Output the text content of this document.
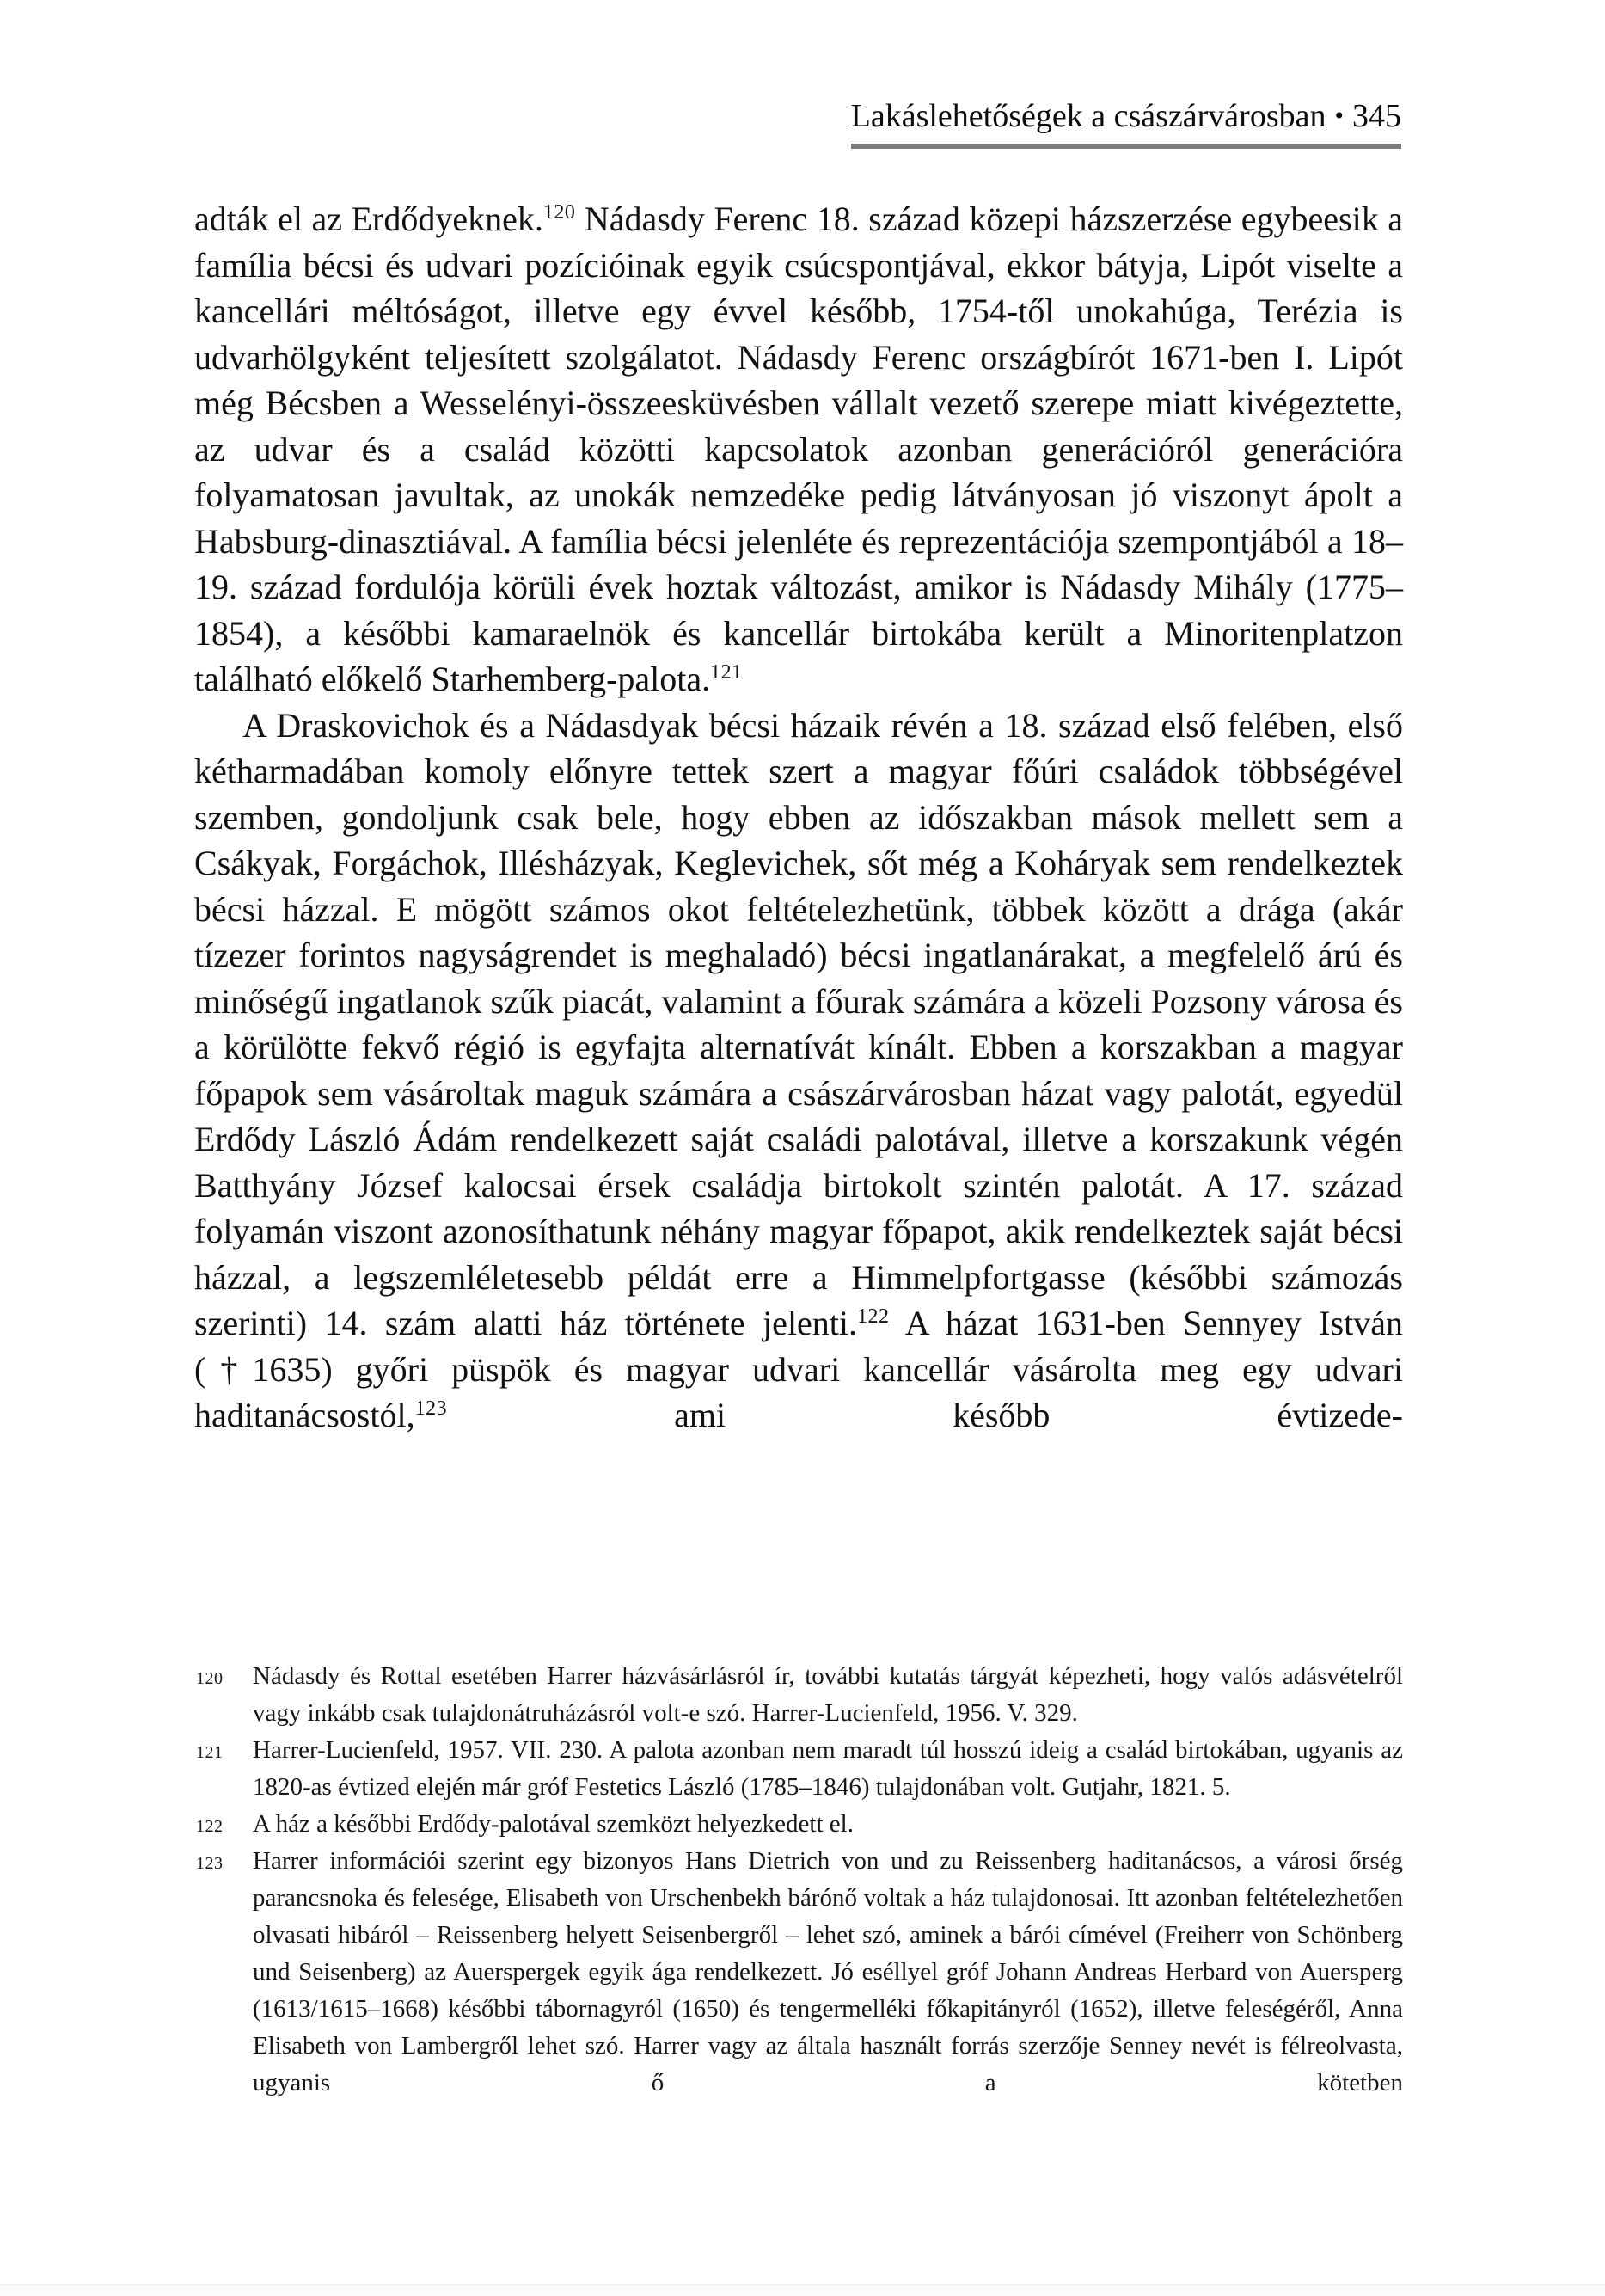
Lakáslehetőségek a császárvárosban • 345

adták el az Erdődyeknek.$^{120}$ Nádasdy Ferenc 18. század közepi házszerzése egybeesik a família bécsi és udvari pozícióinak egyik csúcspontjával, ekkor bátyja, Lipót viselte a kancellári méltóságot, illetve egy évvel később, 1754-től unokahúga, Terézia is udvarhölgyként teljesített szolgálatot. Nádasdy Ferenc országbírót 1671-ben I. Lipót még Bécsben a Wesselényi-összeesküvésben vállalt vezető szerepe miatt kivégeztette, az udvar és a család közötti kapcsolatok azonban generációról generációra folyamatosan javultak, az unokák nemzedéke pedig látványosan jó viszonyt ápolt a Habsburg-dinasztiával. A família bécsi jelenléte és reprezentációja szempontjából a 18–19. század fordulója körüli évek hoztak változást, amikor is Nádasdy Mihály (1775–1854), a későbbi kamaraelnök és kancellár birtokába került a Minoritenplatzon található előkelő Starhemberg-palota.$^{121}$

A Draskovichok és a Nádasdyak bécsi házaik révén a 18. század első felében, első kétharmadában komoly előnyre tettek szert a magyar főúri családok többségével szemben, gondoljunk csak bele, hogy ebben az időszakban mások mellett sem a Csákyak, Forgáchok, Illésházyak, Keglevichek, sőt még a Koháryak sem rendelkeztek bécsi házzal. E mögött számos okot feltételezhetünk, többek között a drága (akár tízezer forintos nagyságrendet is meghaladó) bécsi ingatlanárakat, a megfelelő árú és minőségű ingatlanok szűk piacát, valamint a főurak számára a közeli Pozsony városa és a körülötte fekvő régió is egyfajta alternatívát kínált. Ebben a korszakban a magyar főpapok sem vásároltak maguk számára a császárvárosban házat vagy palotát, egyedül Erdődy László Ádám rendelkezett saját családi palotával, illetve a korszakunk végén Batthyány József kalocsai érsek családja birtokolt szintén palotát. A 17. század folyamán viszont azonosíthatunk néhány magyar főpapot, akik rendelkeztek saját bécsi házzal, a legszemléletesebb példát erre a Himmelpfortgasse (későbbi számozás szerinti) 14. szám alatti ház története jelenti.$^{122}$ A házat 1631-ben Sennyey István (†1635) győri püspök és magyar udvari kancellár vásárolta meg egy udvari haditanácsostól,$^{123}$ ami később évtizede-

120 Nádasdy és Rottal esetében Harrer házvásárlásról ír, további kutatás tárgyát képezheti, hogy valós adásvételről vagy inkább csak tulajdonátruházásról volt-e szó. Harrer-Lucienfeld, 1956. V. 329.
121 Harrer-Lucienfeld, 1957. VII. 230. A palota azonban nem maradt túl hosszú ideig a család birtokában, ugyanis az 1820-as évtized elején már gróf Festetics László (1785–1846) tulajdonában volt. Gutjahr, 1821. 5.
122 A ház a későbbi Erdődy-palotával szemközt helyezkedett el.
123 Harrer információi szerint egy bizonyos Hans Dietrich von und zu Reissenberg haditanácsos, a városi őrség parancsnoka és felesége, Elisabeth von Urschenbekh bárónő voltak a ház tulajdonosai. Itt azonban feltételezhetően olvasati hibáról – Reissenberg helyett Seisenbergről – lehet szó, aminek a bárói címével (Freiherr von Schönberg und Seisenberg) az Auerspergek egyik ága rendelkezett. Jó eséllyel gróf Johann Andreas Herbard von Auersperg (1613/1615–1668) későbbi tábornagyról (1650) és tengermelléki főkapitányról (1652), illetve feleségéről, Anna Elisabeth von Lambergről lehet szó. Harrer vagy az általa használt forrás szerzője Senney nevét is félreolvasta, ugyanis ő a kötetben
